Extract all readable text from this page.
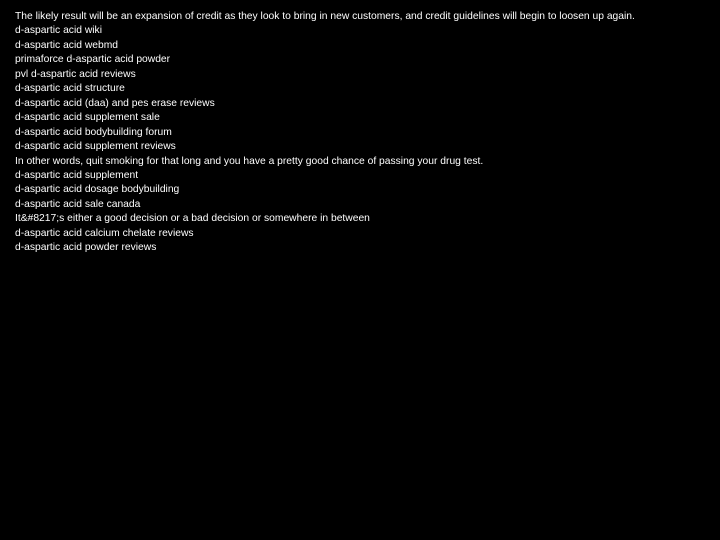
The likely result will be an expansion of credit as they look to bring in new customers, and credit guidelines will begin to loosen up again.
d-aspartic acid wiki
d-aspartic acid webmd
primaforce d-aspartic acid powder
pvl d-aspartic acid reviews
d-aspartic acid structure
d-aspartic acid (daa) and pes erase reviews
d-aspartic acid supplement sale
d-aspartic acid bodybuilding forum
d-aspartic acid supplement reviews
In other words, quit smoking for that long and you have a pretty good chance of passing your drug test.
d-aspartic acid supplement
d-aspartic acid dosage bodybuilding
d-aspartic acid sale canada
It&#8217;s either a good decision or a bad decision or somewhere in between
d-aspartic acid calcium chelate reviews
d-aspartic acid powder reviews
